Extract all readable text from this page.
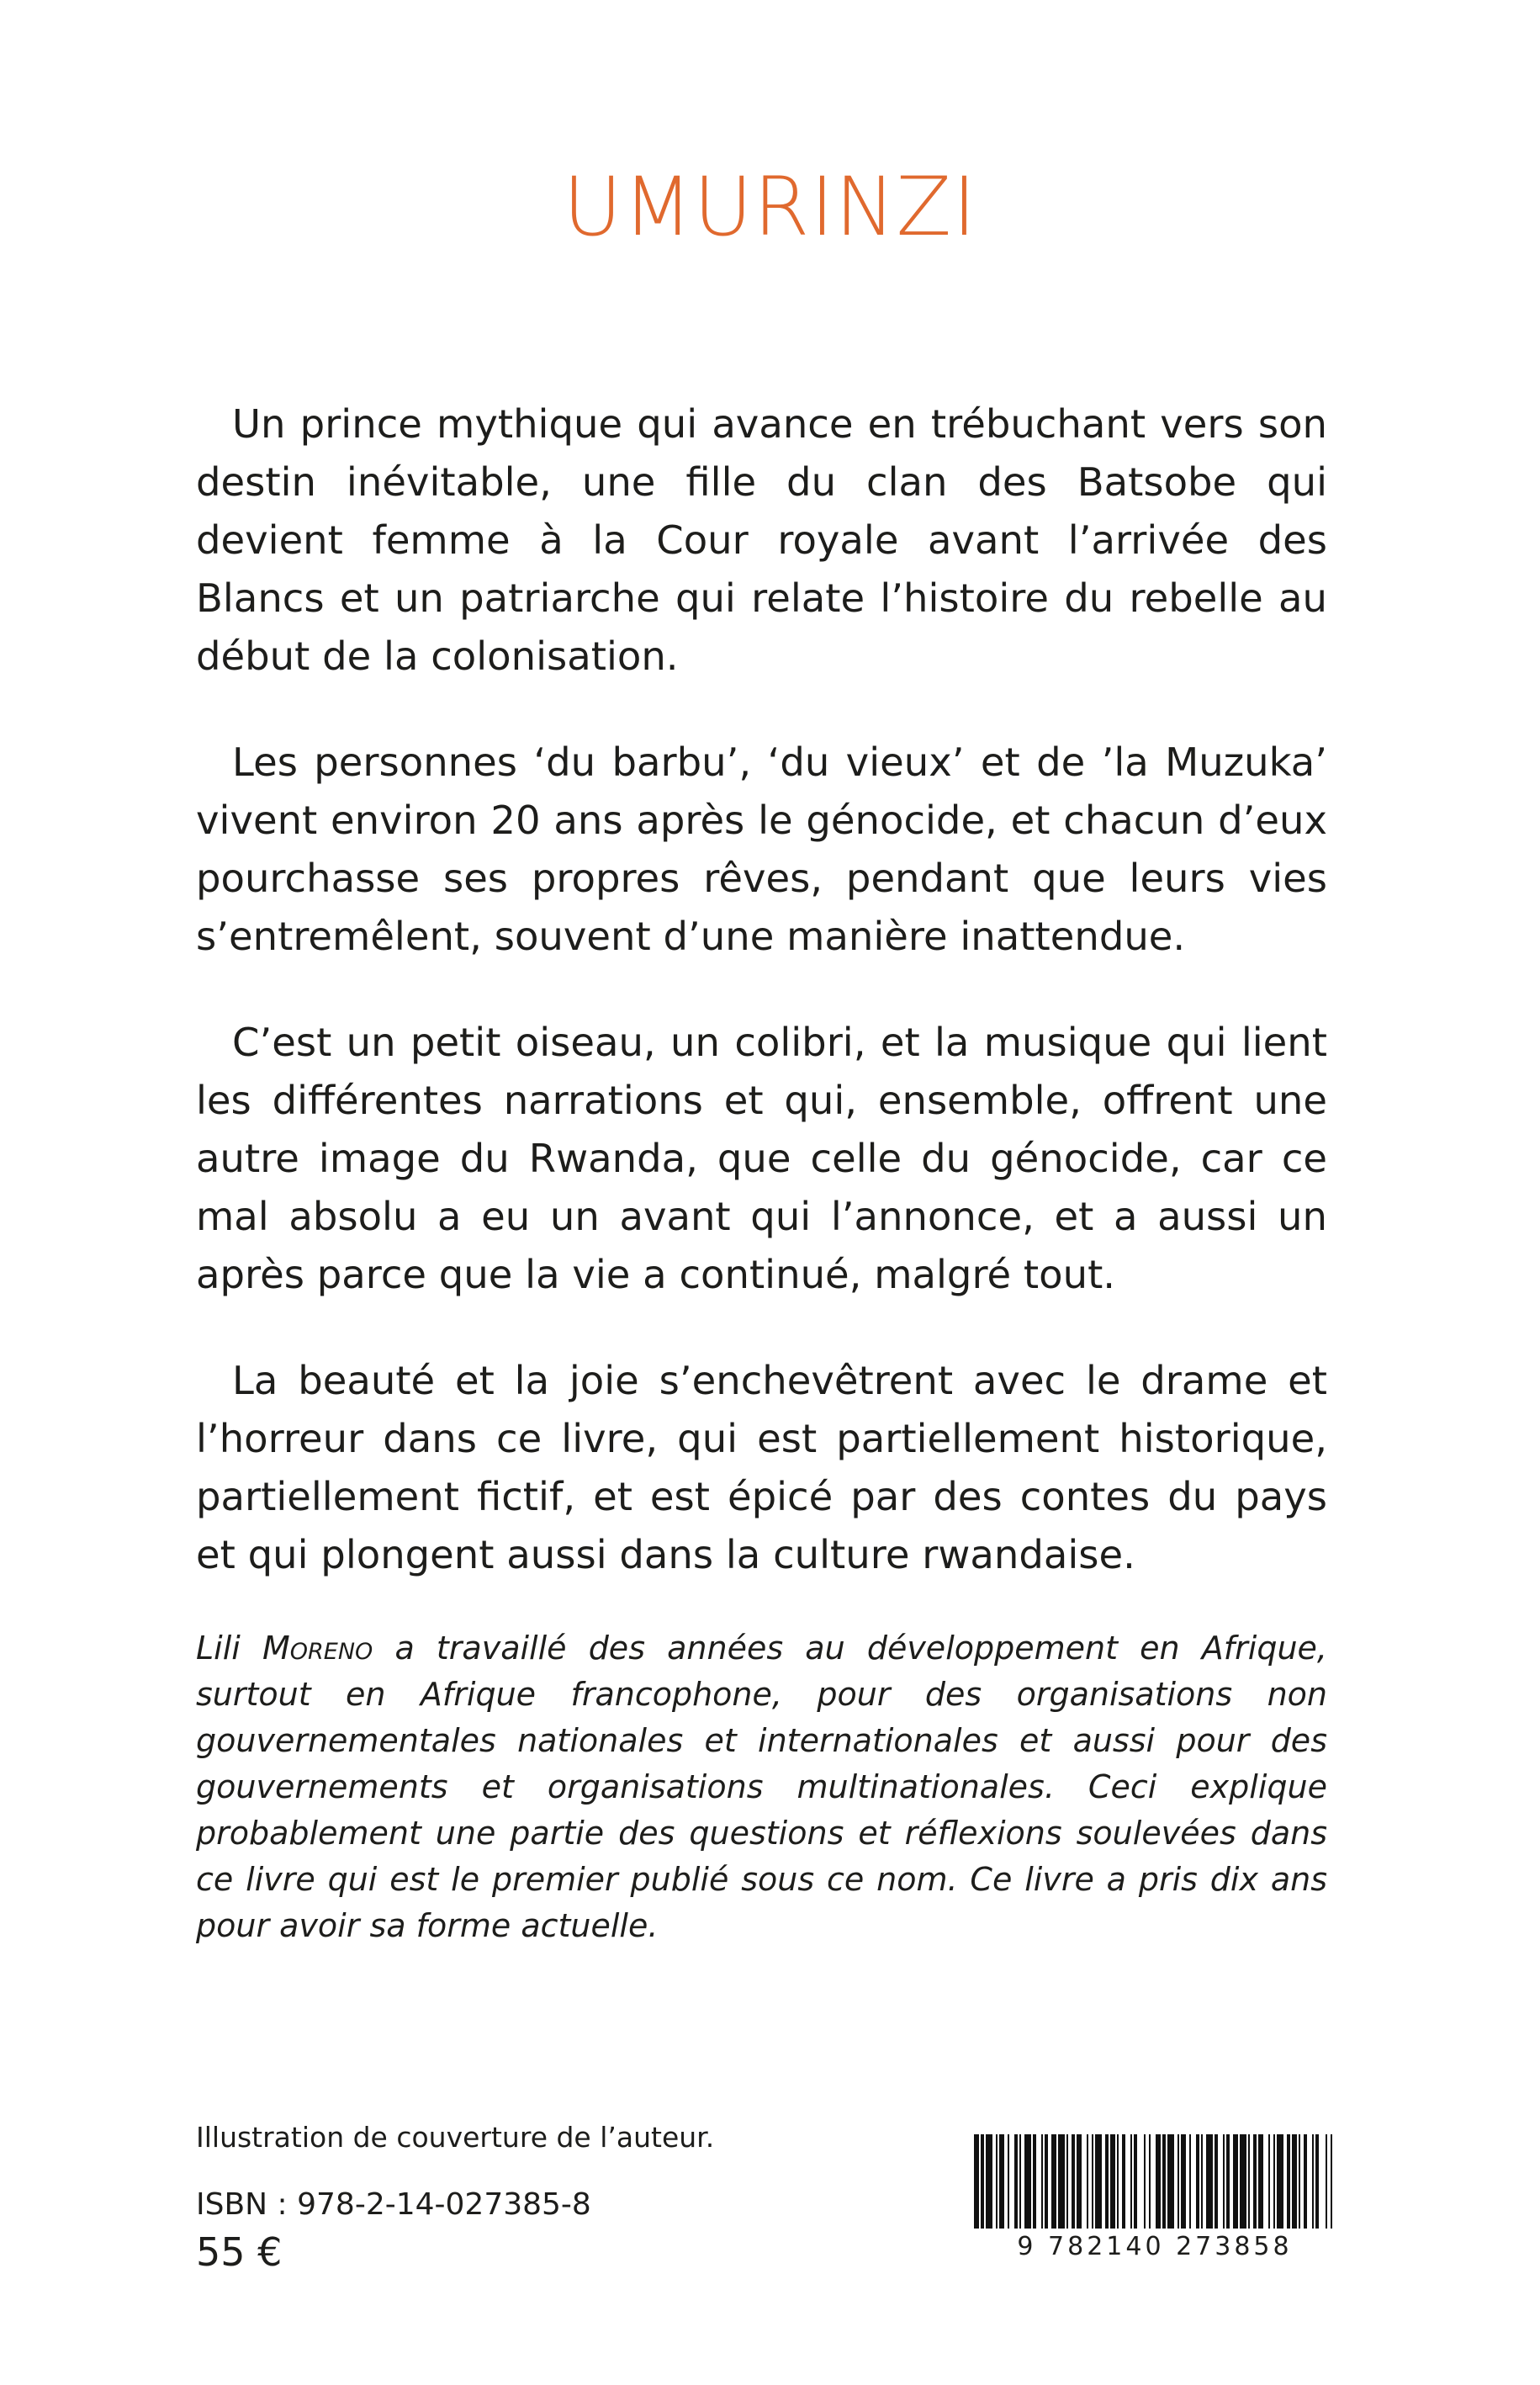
UMURINZI

Un prince mythique qui avance en trébuchant vers son destin inévitable, une fille du clan des Batsobe qui devient femme à la Cour royale avant l’arrivée des Blancs et un patriarche qui relate l’histoire du rebelle au début de la colonisation.

Les personnes ‘du barbu’, ‘du vieux’ et de ’la Muzuka’ vivent environ 20 ans après le génocide, et chacun d’eux pourchasse ses propres rêves, pendant que leurs vies s’entremêlent, souvent d’une manière inattendue.

C’est un petit oiseau, un colibri, et la musique qui lient les différentes narrations et qui, ensemble, offrent une autre image du Rwanda, que celle du génocide, car ce mal absolu a eu un avant qui l’annonce, et a aussi un après parce que la vie a continué, malgré tout.

La beauté et la joie s’enchevêtrent avec le drame et l’horreur dans ce livre, qui est partiellement historique, partiellement fictif, et est épicé par des contes du pays et qui plongent aussi dans la culture rwandaise.

Lili Moreno a travaillé des années au développement en Afrique, surtout en Afrique francophone, pour des organisations non gouvernementales nationales et internationales et aussi pour des gouvernements et organisations multinationales. Ceci explique probablement une partie des questions et réflexions soulevées dans ce livre qui est le premier publié sous ce nom. Ce livre a pris dix ans pour avoir sa forme actuelle.

Illustration de couverture de l’auteur.

ISBN : 978-2-14-027385-8

55 €	9 782140 273858
